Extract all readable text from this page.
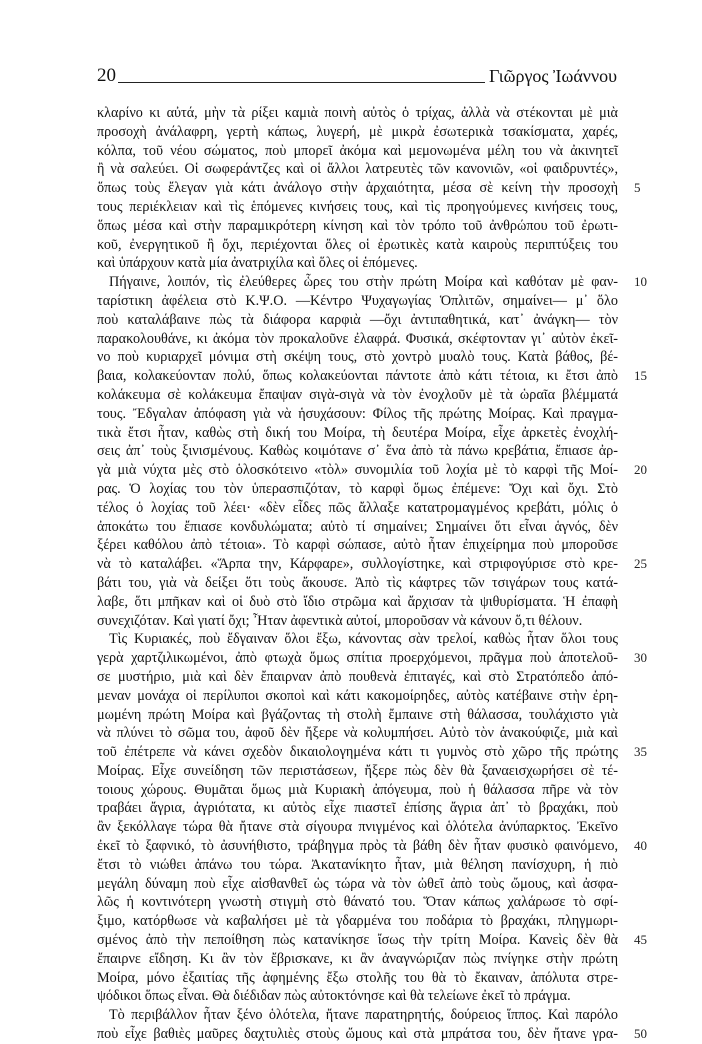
20	Γιῶργος Ἰωάννου
κλαρίνο κι αὐτά, μὴν τὰ ρίξει καμιὰ ποινὴ αὐτὸς ὁ τρίχας, ἀλλὰ νὰ στέκονται μὲ μιὰ
προσοχὴ ἀνάλαφρη, γερτὴ κάπως, λυγερή, μὲ μικρὰ ἐσωτερικὰ τσακίσματα, χαρές,
κόλπα, τοῦ νέου σώματος, ποὺ μπορεῖ ἀκόμα καὶ μεμονωμένα μέλη του νὰ ἀκινητεῖ
ἢ νὰ σαλεύει. Οἱ σωφεράντζες καὶ οἱ ἄλλοι λατρευτὲς τῶν κανονιῶν, «οἱ φαιδρυντές»,
ὅπως τοὺς ἔλεγαν γιὰ κάτι ἀνάλογο στὴν ἀρχαιότητα, μέσα σὲ κείνη τὴν προσοχὴ 5
τους περιέκλειαν καὶ τὶς ἑπόμενες κινήσεις τους, καὶ τὶς προηγούμενες κινήσεις τους,
ὅπως μέσα καὶ στὴν παραμικρότερη κίνηση καὶ τὸν τρόπο τοῦ ἀνθρώπου τοῦ ἐρωτι-
κοῦ, ἐνεργητικοῦ ἢ ὄχι, περιέχονται ὅλες οἱ ἐρωτικὲς κατὰ καιροὺς περιπτύξεις του
καὶ ὑπάρχουν κατὰ μία ἀνατριχίλα καὶ ὅλες οἱ ἑπόμενες.
Πήγαινε, λοιπόν, τὶς ἐλεύθερες ὧρες του στὴν πρώτη Μοίρα καὶ καθόταν μὲ φαν- 10
ταρίστικη ἀφέλεια στὸ Κ.Ψ.Ο. —Κέντρο Ψυχαγωγίας Ὁπλιτῶν, σημαίνει— μ᾽ ὅλο
ποὺ καταλάβαινε πὼς τὰ διάφορα καρφιὰ —ὄχι ἀντιπαθητικά, κατ᾽ ἀνάγκη— τὸν
παρακολουθάνε, κι ἀκόμα τὸν προκαλοῦνε ἐλαφρά. Φυσικά, σκέφτονταν γι᾽ αὐτὸν ἐκεῖ-
νο ποὺ κυριαρχεῖ μόνιμα στὴ σκέψη τους, στὸ χοντρὸ μυαλὸ τους. Κατὰ βάθος, βέ-
βαια, κολακεύονταν πολύ, ὅπως κολακεύονται πάντοτε ἀπὸ κάτι τέτοια, κι ἔτσι ἀπὸ 15
κολάκευμα σὲ κολάκευμα ἔπαψαν σιγὰ-σιγὰ νὰ τὸν ἐνοχλοῦν μὲ τὰ ὡραῖα βλέμματά
τους. Ἔδγαλαν ἀπόφαση γιὰ νὰ ἡσυχάσουν: Φίλος τῆς πρώτης Μοίρας. Καὶ πραγμα-
τικὰ ἔτσι ἦταν, καθὼς στὴ δική του Μοίρα, τὴ δευτέρα Μοίρα, εἶχε ἀρκετὲς ἐνοχλή-
σεις ἀπ᾽ τοὺς ξινισμένους. Καθὼς κοιμότανε σ᾽ ἕνα ἀπὸ τὰ πάνω κρεβάτια, ἔπιασε ἀρ-
γὰ μιὰ νύχτα μὲς στὸ ὁλοσκότεινο «τὸλ» συνομιλία τοῦ λοχία μὲ τὸ καρφὶ τῆς Μοί- 20
ρας. Ὁ λοχίας του τὸν ὑπερασπιζόταν, τὸ καρφὶ ὅμως ἐπέμενε: Ὄχι καὶ ὄχι. Στὸ
τέλος ὁ λοχίας τοῦ λέει· «δὲν εἶδες πῶς ἄλλαξε κατατρομαγμένος κρεβάτι, μόλις ὁ
ἀποκάτω του ἔπιασε κονδυλώματα; αὐτὸ τί σημαίνει; Σημαίνει ὅτι εἶναι ἁγνός, δὲν
ξέρει καθόλου ἀπὸ τέτοια». Τὸ καρφὶ σώπασε, αὐτὸ ἦταν ἐπιχείρημα ποὺ μποροῦσε
νὰ τὸ καταλάβει. «Ἅρπα την, Κάρφαρε», συλλογίστηκε, καὶ στριφογύρισε στὸ κρε- 25
βάτι του, γιὰ νὰ δείξει ὅτι τοὺς ἄκουσε. Ἀπὸ τὶς κάφτρες τῶν τσιγάρων τους κατά-
λαβε, ὅτι μπῆκαν καὶ οἱ δυὸ στὸ ἴδιο στρῶμα καὶ ἄρχισαν τὰ ψιθυρίσματα. Ἡ ἐπαφὴ
συνεχιζόταν. Καὶ γιατί ὄχι; Ἦταν ἀφεντικὰ αὐτοί, μποροῦσαν νὰ κάνουν ὅ,τι θέλουν.
Τὶς Κυριακές, ποὺ ἔδγαιναν ὅλοι ἔξω, κάνοντας σὰν τρελοί, καθὼς ἦταν ὅλοι τους
γερὰ χαρτζιλικωμένοι, ἀπὸ φτωχὰ ὅμως σπίτια προερχόμενοι, πρᾶγμα ποὺ ἀποτελοῦ- 30
σε μυστήριο, μιὰ καὶ δὲν ἔπαιρναν ἀπὸ πουθενὰ ἐπιταγές, καὶ στὸ Στρατόπεδο ἀπό-
μεναν μονάχα οἱ περίλυποι σκοποὶ καὶ κάτι κακομοίρηδες, αὐτὸς κατέβαινε στὴν ἐρη-
μωμένη πρώτη Μοίρα καὶ βγάζοντας τὴ στολὴ ἔμπαινε στὴ θάλασσα, τουλάχιστο γιὰ
νὰ πλύνει τὸ σῶμα του, ἀφοῦ δὲν ἤξερε νὰ κολυμπήσει. Αὐτὸ τὸν ἀνακούφιζε, μιὰ καὶ
τοῦ ἐπέτρεπε νὰ κάνει σχεδὸν δικαιολογημένα κάτι τι γυμνὸς στὸ χῶρο τῆς πρώτης 35
Μοίρας. Εἶχε συνείδηση τῶν περιστάσεων, ἤξερε πὼς δὲν θὰ ξαναεισχωρήσει σὲ τέ-
τοιους χώρους. Θυμᾶται ὅμως μιὰ Κυριακὴ ἀπόγευμα, ποὺ ἡ θάλασσα πῆρε νὰ τὸν
τραβάει ἄγρια, ἀγριότατα, κι αὐτὸς εἶχε πιαστεῖ ἐπίσης ἄγρια ἀπ᾽ τὸ βραχάκι, ποὺ
ἂν ξεκόλλαγε τώρα θὰ ἤτανε στὰ σίγουρα πνιγμένος καὶ ὁλότελα ἀνύπαρκτος. Ἐκεῖνο
ἐκεῖ τὸ ξαφνικό, τὸ ἀσυνήθιστο, τράβηγμα πρὸς τὰ βάθη δὲν ἦταν φυσικὸ φαινόμενο, 40
ἔτσι τὸ νιώθει ἀπάνω του τώρα. Ἀκατανίκητο ἦταν, μιὰ θέληση πανίσχυρη, ἡ πιὸ
μεγάλη δύναμη ποὺ εἶχε αἰσθανθεῖ ὡς τώρα νὰ τὸν ὠθεῖ ἀπὸ τοὺς ὤμους, καὶ ἀσφα-
λῶς ἡ κοντινότερη γνωστὴ στιγμὴ στὸ θάνατό του. Ὅταν κάπως χαλάρωσε τὸ σφί-
ξιμο, κατόρθωσε νὰ καβαλήσει μὲ τὰ γδαρμένα του ποδάρια τὸ βραχάκι, πληγμωρι-
σμένος ἀπὸ τὴν πεποίθηση πὼς κατανίκησε ἴσως τὴν τρίτη Μοίρα. Κανεὶς δὲν θὰ 45
ἔπαιρνε εἴδηση. Κι ἂν τὸν ἔβρισκανε, κι ἂν ἀναγνώριζαν πὼς πνίγηκε στὴν πρώτη
Μοίρα, μόνο ἐξαιτίας τῆς ἀφημένης ἔξω στολῆς του θὰ τὸ ἔκαιναν, ἀπόλυτα στρε-
ψόδικοι ὅπως εἶναι. Θὰ διέδιδαν πὼς αὐτοκτόνησε καὶ θὰ τελείωνε ἐκεῖ τὸ πράγμα.
Τὸ περιβάλλον ἦταν ξένο ὁλότελα, ἤτανε παρατηρητής, δούρειος ἵππος. Καὶ παρόλο
ποὺ εἶχε βαθιὲς μαῦρες δαχτυλιὲς στοὺς ὤμους καὶ στὰ μπράτσα του, δὲν ἤτανε γρα- 50
